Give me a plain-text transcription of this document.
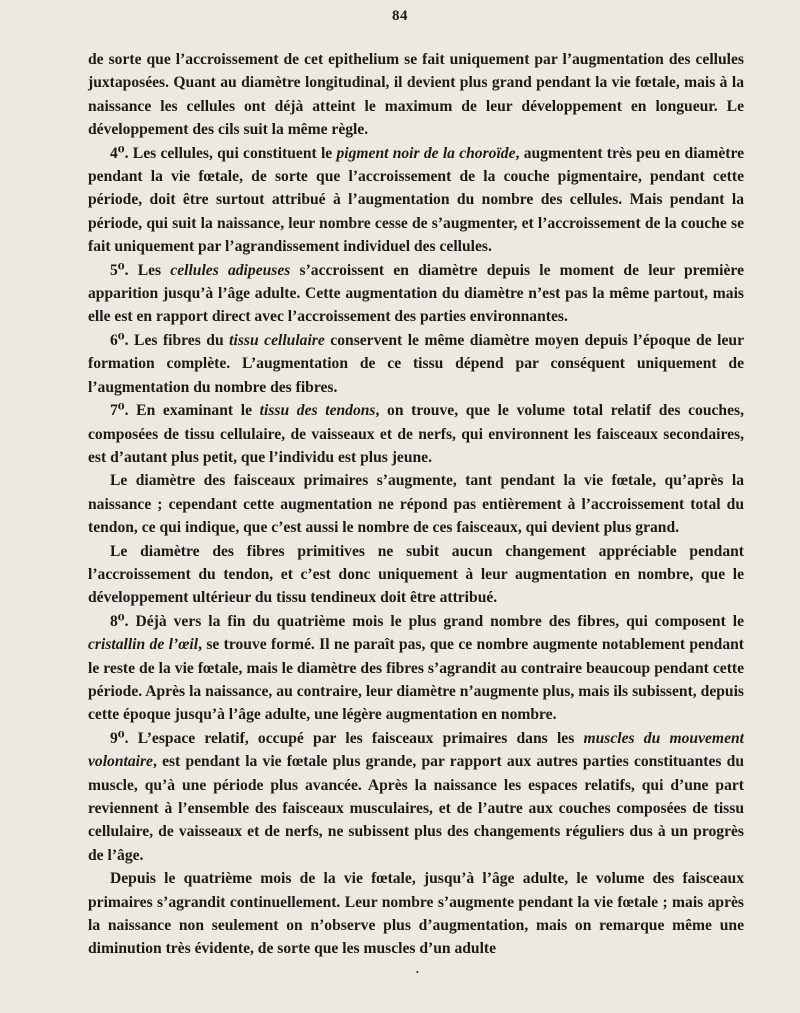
84

de sorte que l’accroissement de cet epithelium se fait uniquement par l’augmentation des cellules juxtaposées. Quant au diamètre longitudinal, il devient plus grand pendant la vie fœtale, mais à la naissance les cellules ont déjà atteint le maximum de leur développement en longueur. Le développement des cils suit la même règle.

4⁰. Les cellules, qui constituent le pigment noir de la choroïde, augmentent très peu en diamètre pendant la vie fœtale, de sorte que l’accroissement de la couche pigmentaire, pendant cette période, doit être surtout attribué à l’augmentation du nombre des cellules. Mais pendant la période, qui suit la naissance, leur nombre cesse de s’augmenter, et l’accroissement de la couche se fait uniquement par l’agrandissement individuel des cellules.

5⁰. Les cellules adipeuses s’accroissent en diamètre depuis le moment de leur première apparition jusqu’à l’âge adulte. Cette augmentation du diamètre n’est pas la même partout, mais elle est en rapport direct avec l’accroissement des parties environnantes.

6⁰. Les fibres du tissu cellulaire conservent le même diamètre moyen depuis l’époque de leur formation complète. L’augmentation de ce tissu dépend par conséquent uniquement de l’augmentation du nombre des fibres.

7⁰. En examinant le tissu des tendons, on trouve, que le volume total relatif des couches, composées de tissu cellulaire, de vaisseaux et de nerfs, qui environnent les faisceaux secondaires, est d’autant plus petit, que l’individu est plus jeune.

Le diamètre des faisceaux primaires s’augmente, tant pendant la vie fœtale, qu’après la naissance ; cependant cette augmentation ne répond pas entièrement à l’accroissement total du tendon, ce qui indique, que c’est aussi le nombre de ces faisceaux, qui devient plus grand.

Le diamètre des fibres primitives ne subit aucun changement appréciable pendant l’accroissement du tendon, et c’est donc uniquement à leur augmentation en nombre, que le développement ultérieur du tissu tendineux doit être attribué.

8⁰. Déjà vers la fin du quatrième mois le plus grand nombre des fibres, qui composent le cristallin de l’œil, se trouve formé. Il ne paraît pas, que ce nombre augmente notablement pendant le reste de la vie fœtale, mais le diamètre des fibres s’agrandit au contraire beaucoup pendant cette période. Après la naissance, au contraire, leur diamètre n’augmente plus, mais ils subissent, depuis cette époque jusqu’à l’âge adulte, une légère augmentation en nombre.

9⁰. L’espace relatif, occupé par les faisceaux primaires dans les muscles du mouvement volontaire, est pendant la vie fœtale plus grande, par rapport aux autres parties constituantes du muscle, qu’à une période plus avancée. Après la naissance les espaces relatifs, qui d’une part reviennent à l’ensemble des faisceaux musculaires, et de l’autre aux couches composées de tissu cellulaire, de vaisseaux et de nerfs, ne subissent plus des changements réguliers dus à un progrès de l’âge.

Depuis le quatrième mois de la vie fœtale, jusqu’à l’âge adulte, le volume des faisceaux primaires s’agrandit continuellement. Leur nombre s’augmente pendant la vie fœtale ; mais après la naissance non seulement on n’observe plus d’augmentation, mais on remarque même une diminution très évidente, de sorte que les muscles d’un adulte

•
